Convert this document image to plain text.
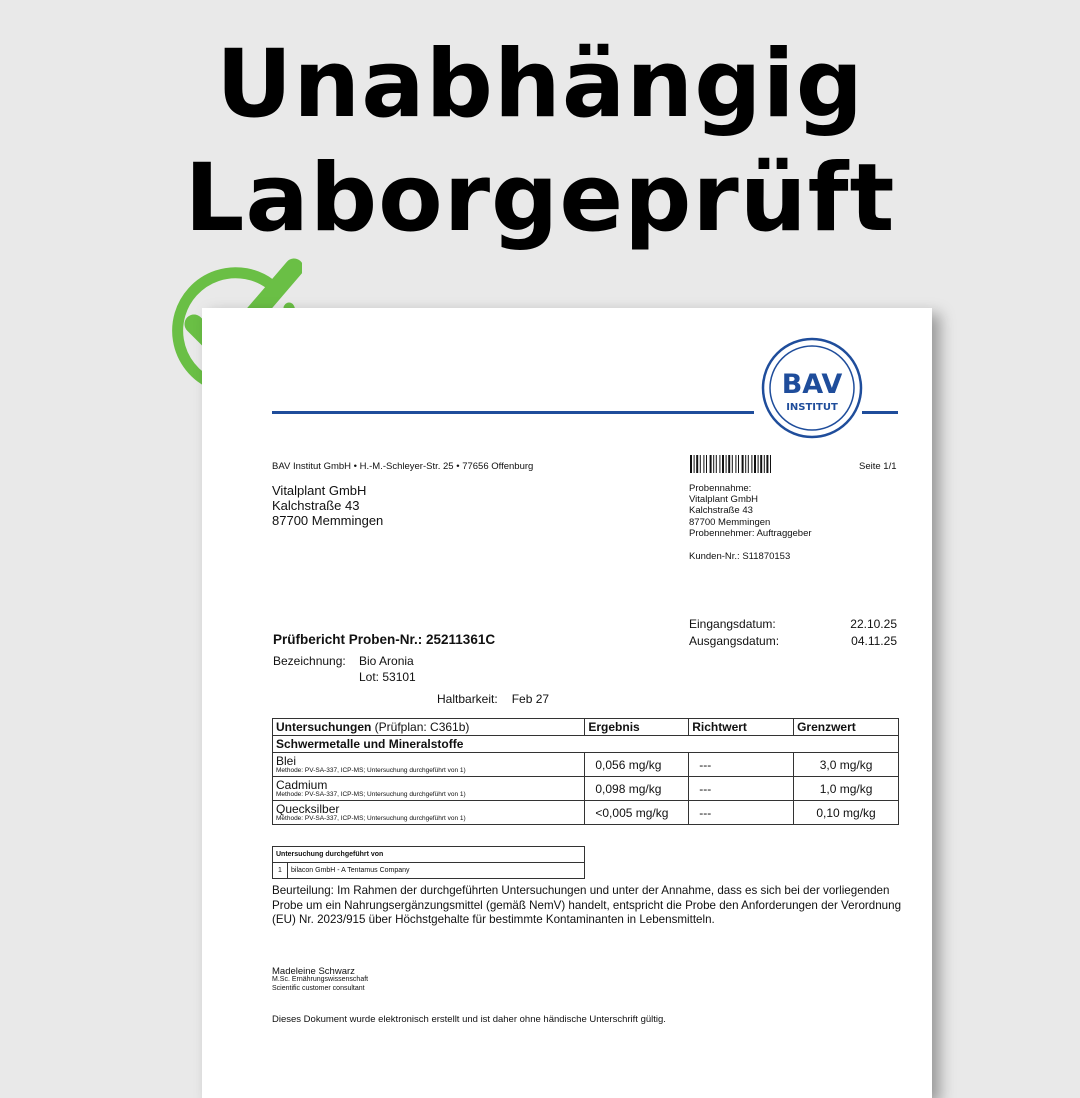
Unabhängig
Laborgeprüft
BAV
INSTITUT
BAV Institut GmbH • H.-M.-Schleyer-Str. 25 • 77656 Offenburg	Seite 1/1
Vitalplant GmbH
Kalchstraße 43
87700 Memmingen
Probennahme:
Vitalplant GmbH
Kalchstraße 43
87700 Memmingen
Probennehmer: Auftraggeber
Kunden-Nr.: S11870153
Eingangsdatum:	22.10.25
Ausgangsdatum:	04.11.25
Prüfbericht Proben-Nr.: 25211361C
Bezeichnung: Bio Aronia
Lot: 53101
Haltbarkeit: Feb 27
Untersuchungen (Prüfplan: C361b)	Ergebnis	Richtwert	Grenzwert
Schwermetalle und Mineralstoffe			

Blei
Methode: PV-SA-337, ICP-MS; Untersuchung durchgeführt von 1)	0,056 mg/kg	---	3,0 mg/kg

Cadmium
Methode: PV-SA-337, ICP-MS; Untersuchung durchgeführt von 1)	0,098 mg/kg	---	1,0 mg/kg

Quecksilber
Methode: PV-SA-337, ICP-MS; Untersuchung durchgeführt von 1)	<0,005 mg/kg	---	0,10 mg/kg
Untersuchung durchgeführt von
1	bilacon GmbH - A Tentamus Company
Beurteilung: Im Rahmen der durchgeführten Untersuchungen und unter der Annahme, dass es sich bei der vorliegenden Probe um ein Nahrungsergänzungsmittel (gemäß NemV) handelt, entspricht die Probe den Anforderungen der Verordnung (EU) Nr. 2023/915 über Höchstgehalte für bestimmte Kontaminanten in Lebensmitteln.
Madeleine Schwarz
M.Sc. Ernährungswissenschaft
Scientific customer consultant
Dieses Dokument wurde elektronisch erstellt und ist daher ohne händische Unterschrift gültig.
